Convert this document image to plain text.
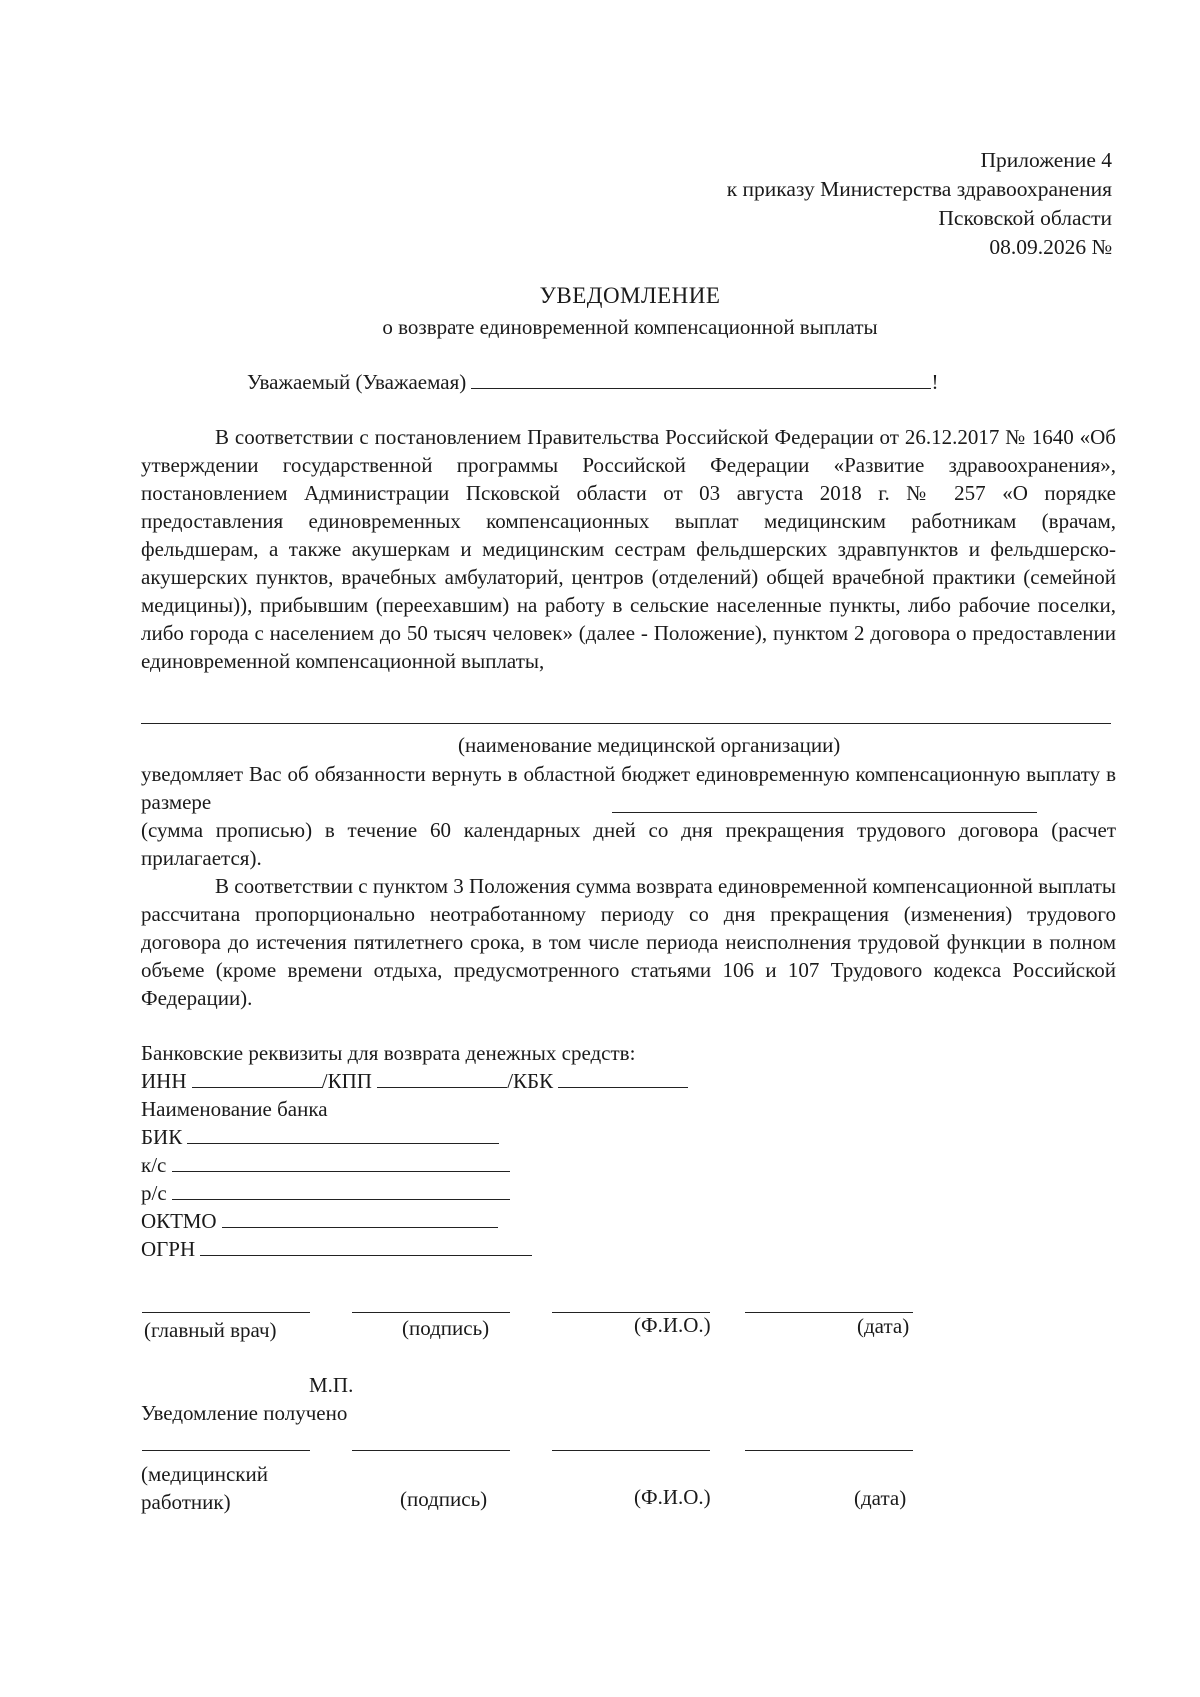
Приложение 4
к приказу Министерства здравоохранения
Псковской области
08.09.2026 №
УВЕДОМЛЕНИЕ
о возврате единовременной компенсационной выплаты
Уважаемый (Уважаемая)	!
В соответствии с постановлением Правительства Российской Федерации от 26.12.2017 № 1640 «Об утверждении государственной программы Российской Федерации «Развитие здравоохранения», постановлением Администрации Псковской области от 03 августа 2018 г. № 257 «О порядке предоставления единовременных компенсационных выплат медицинским работникам (врачам, фельдшерам, а также акушеркам и медицинским сестрам фельдшерских здравпунктов и фельдшерско-акушерских пунктов, врачебных амбулаторий, центров (отделений) общей врачебной практики (семейной медицины)), прибывшим (переехавшим) на работу в сельские населенные пункты, либо рабочие поселки, либо города с населением до 50 тысяч человек» (далее - Положение), пунктом 2 договора о предоставлении единовременной компенсационной выплаты,
(наименование медицинской организации)
уведомляет Вас об обязанности вернуть в областной бюджет единовременную компенсационную выплату в размере
(сумма прописью) в течение 60 календарных дней со дня прекращения трудового договора (расчет прилагается).
В соответствии с пунктом 3 Положения сумма возврата единовременной компенсационной выплаты рассчитана пропорционально неотработанному периоду со дня прекращения (изменения) трудового договора до истечения пятилетнего срока, в том числе периода неисполнения трудовой функции в полном объеме (кроме времени отдыха, предусмотренного статьями 106 и 107 Трудового кодекса Российской Федерации).
Банковские реквизиты для возврата денежных средств:
ИНН	/КПП	/КБК
Наименование банка
БИК
к/с
р/с
ОКТМО
ОГРН
(главный врач)	(подпись)	(Ф.И.О.)	(дата)
М.П.
Уведомление получено
(медицинский
работник)	(подпись)	(Ф.И.О.)	(дата)
